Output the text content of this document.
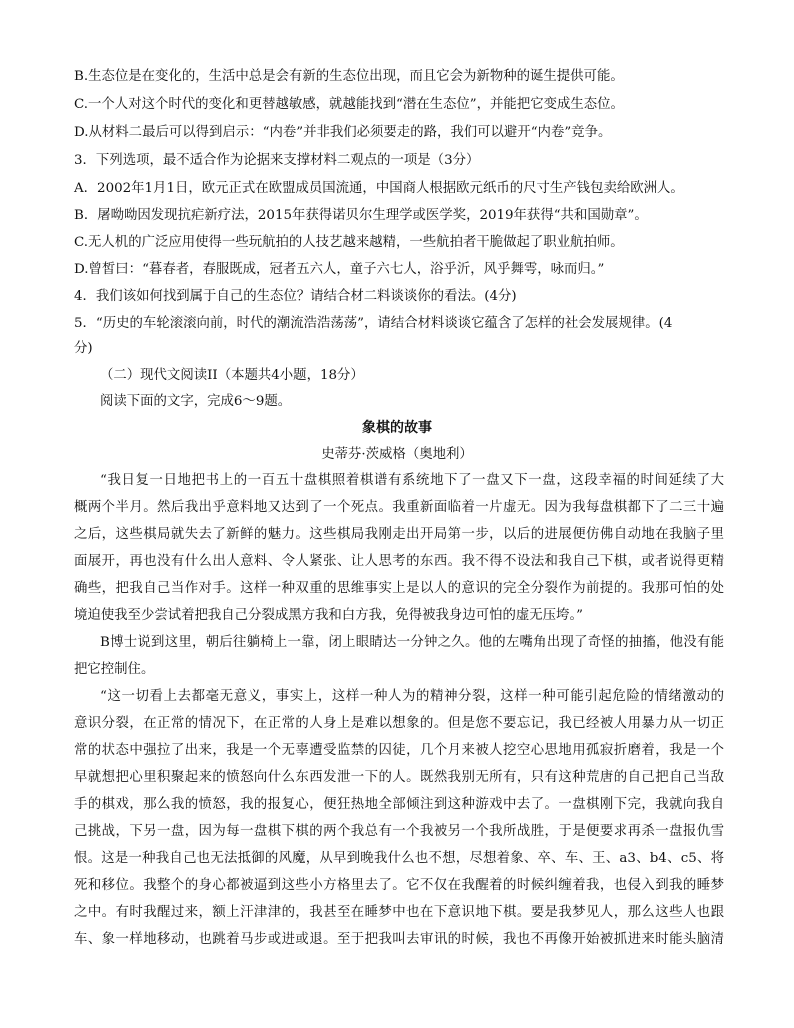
B.生态位是在变化的，生活中总是会有新的生态位出现，而且它会为新物种的诞生提供可能。
C.一个人对这个时代的变化和更替越敏感，就越能找到“潜在生态位”，并能把它变成生态位。
D.从材料二最后可以得到启示：“内卷”并非我们必须要走的路，我们可以避开“内卷”竞争。
3．下列选项，最不适合作为论据来支撑材料二观点的一项是（3分）
A．2002年1月1日，欧元正式在欧盟成员国流通，中国商人根据欧元纸币的尺寸生产钱包卖给欧洲人。
B．屠呦呦因发现抗疟新疗法，2015年获得诺贝尔生理学或医学奖，2019年获得“共和国勋章”。
C.无人机的广泛应用使得一些玩航拍的人技艺越来越精，一些航拍者干脆做起了职业航拍师。
D.曾皙曰：“暮春者，春服既成，冠者五六人，童子六七人，浴乎沂，风乎舞雩，咏而归。”
4．我们该如何找到属于自己的生态位？请结合材二料谈谈你的看法。(4分)
5．“历史的车轮滚滚向前，时代的潮流浩浩荡荡”，请结合材料谈谈它蕴含了怎样的社会发展规律。(4
分)
（二）现代文阅读II（本题共4小题，18分）
阅读下面的文字，完成6～9题。
象棋的故事
史蒂芬·茨威格（奥地利）
“我日复一日地把书上的一百五十盘棋照着棋谱有系统地下了一盘又下一盘，这段幸福的时间延续了大
概两个半月。然后我出乎意料地又达到了一个死点。我重新面临着一片虚无。因为我每盘棋都下了二三十遍
之后，这些棋局就失去了新鲜的魅力。这些棋局我刚走出开局第一步，以后的进展便仿佛自动地在我脑子里
面展开，再也没有什么出人意料、令人紧张、让人思考的东西。我不得不设法和我自己下棋，或者说得更精
确些，把我自己当作对手。这样一种双重的思维事实上是以人的意识的完全分裂作为前提的。我那可怕的处
境迫使我至少尝试着把我自己分裂成黑方我和白方我，免得被我身边可怕的虚无压垮。”
B博士说到这里，朝后往躺椅上一靠，闭上眼睛达一分钟之久。他的左嘴角出现了奇怪的抽搐，他没有能
把它控制住。
“这一切看上去都毫无意义，事实上，这样一种人为的精神分裂，这样一种可能引起危险的情绪激动的
意识分裂，在正常的情况下，在正常的人身上是难以想象的。但是您不要忘记，我已经被人用暴力从一切正
常的状态中强拉了出来，我是一个无辜遭受监禁的囚徒，几个月来被人挖空心思地用孤寂折磨着，我是一个
早就想把心里积聚起来的愤怒向什么东西发泄一下的人。既然我别无所有，只有这种荒唐的自己把自己当敌
手的棋戏，那么我的愤怒，我的报复心，便狂热地全部倾注到这种游戏中去了。一盘棋刚下完，我就向我自
己挑战，下另一盘，因为每一盘棋下棋的两个我总有一个我被另一个我所战胜，于是便要求再杀一盘报仇雪
恨。这是一种我自己也无法抵御的风魔，从早到晚我什么也不想，尽想着象、卒、车、王、a3、b4、c5、将
死和移位。我整个的身心都被逼到这些小方格里去了。它不仅在我醒着的时候纠缠着我，也侵入到我的睡梦
之中。有时我醒过来，额上汗津津的，我甚至在睡梦中也在下意识地下棋。要是我梦见人，那么这些人也跟
车、象一样地移动，也跳着马步或进或退。至于把我叫去审讯的时候，我也不再像开始被抓进来时能头脑清
